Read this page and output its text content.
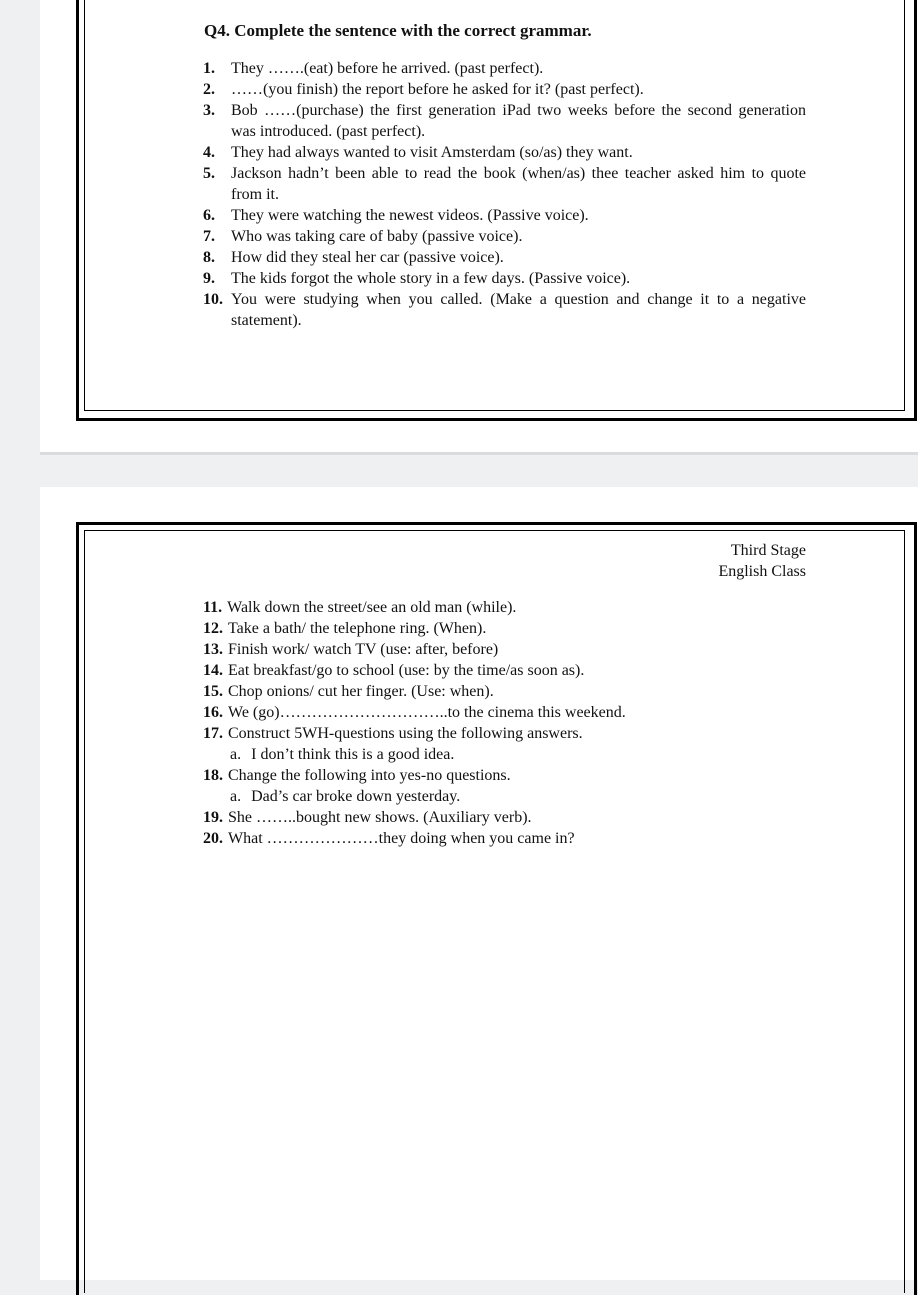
Q4. Complete the sentence with the correct grammar.
1.	They …….(eat) before he arrived. (past perfect).
2.	……(you finish) the report before he asked for it? (past perfect).
3.	Bob ……(purchase) the first generation iPad two weeks before the second generation was introduced. (past perfect).
4.	They had always wanted to visit Amsterdam (so/as) they want.
5.	Jackson hadn’t been able to read the book (when/as) thee teacher asked him to quote from it.
6.	They were watching the newest videos. (Passive voice).
7.	Who was taking care of baby (passive voice).
8.	How did they steal her car (passive voice).
9.	The kids forgot the whole story in a few days. (Passive voice).
10. You were studying when you called. (Make a question and change it to a negative statement).
Third Stage
English Class
11. Walk down the street/see an old man (while).
12. Take a bath/ the telephone ring. (When).
13. Finish work/ watch TV (use: after, before)
14. Eat breakfast/go to school (use: by the time/as soon as).
15. Chop onions/ cut her finger. (Use: when).
16. We (go)…………………………..to the cinema this weekend.
17. Construct 5WH-questions using the following answers.
a. I don’t think this is a good idea.
18. Change the following into yes-no questions.
a. Dad’s car broke down yesterday.
19. She ……..bought new shows. (Auxiliary verb).
20. What …………………they doing when you came in?
